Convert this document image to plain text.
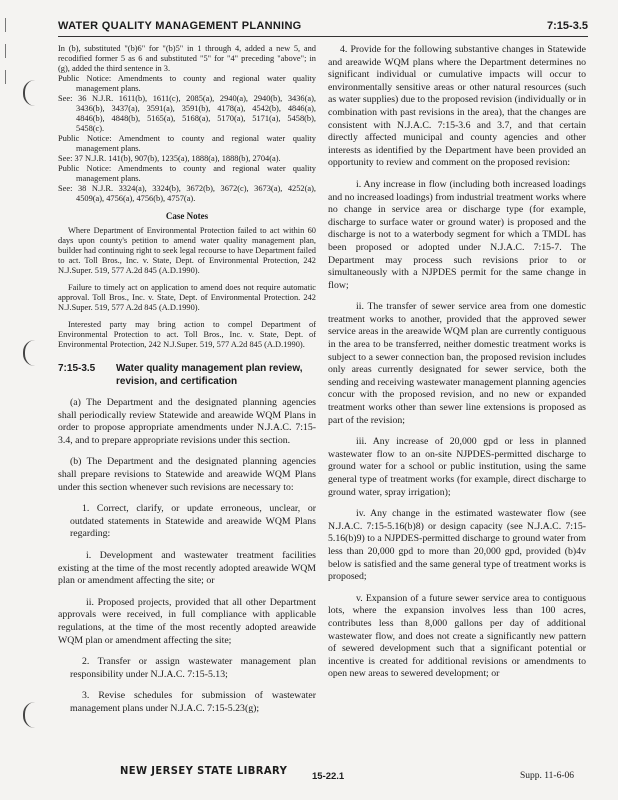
WATER QUALITY MANAGEMENT PLANNING	7:15-3.5

In (b), substituted "(b)6" for "(b)5" in 1 through 4, added a new 5, and recodified former 5 as 6 and substituted "5" for "4" preceding "above"; in (g), added the third sentence in 3.

Public Notice: Amendments to county and regional water quality management plans.

See: 36 N.J.R. 1611(b), 1611(c), 2085(a), 2940(a), 2940(b), 3436(a), 3436(b), 3437(a), 3591(a), 3591(b), 4178(a), 4542(b), 4846(a), 4846(b), 4848(b), 5165(a), 5168(a), 5170(a), 5171(a), 5458(b), 5458(c).

Public Notice: Amendment to county and regional water quality management plans.

See: 37 N.J.R. 141(b), 907(b), 1235(a), 1888(a), 1888(b), 2704(a).

Public Notice: Amendments to county and regional water quality management plans.

See: 38 N.J.R. 3324(a), 3324(b), 3672(b), 3672(c), 3673(a), 4252(a), 4509(a), 4756(a), 4756(b), 4757(a).

Case Notes

Where Department of Environmental Protection failed to act within 60 days upon county's petition to amend water quality management plan, builder had continuing right to seek legal recourse to have Department failed to act. Toll Bros., Inc. v. State, Dept. of Environmental Protection, 242 N.J.Super. 519, 577 A.2d 845 (A.D.1990).

Failure to timely act on application to amend does not require automatic approval. Toll Bros., Inc. v. State, Dept. of Environmental Protection. 242 N.J.Super. 519, 577 A.2d 845 (A.D.1990).

Interested party may bring action to compel Department of Environmental Protection to act. Toll Bros., Inc. v. State, Dept. of Environmental Protection, 242 N.J.Super. 519, 577 A.2d 845 (A.D.1990).

7:15-3.5 Water quality management plan review, revision, and certification

(a) The Department and the designated planning agencies shall periodically review Statewide and areawide WQM Plans in order to propose appropriate amendments under N.J.A.C. 7:15-3.4, and to prepare appropriate revisions under this section.

(b) The Department and the designated planning agencies shall prepare revisions to Statewide and areawide WQM Plans under this section whenever such revisions are necessary to:

1. Correct, clarify, or update erroneous, unclear, or outdated statements in Statewide and areawide WQM Plans regarding:

i. Development and wastewater treatment facilities existing at the time of the most recently adopted areawide WQM plan or amendment affecting the site; or

ii. Proposed projects, provided that all other Department approvals were received, in full compliance with applicable regulations, at the time of the most recently adopted areawide WQM plan or amendment affecting the site;

2. Transfer or assign wastewater management plan responsibility under N.J.A.C. 7:15-5.13;

3. Revise schedules for submission of wastewater management plans under N.J.A.C. 7:15-5.23(g);

4. Provide for the following substantive changes in Statewide and areawide WQM plans where the Department determines no significant individual or cumulative impacts will occur to environmentally sensitive areas or other natural resources (such as water supplies) due to the proposed revision (individually or in combination with past revisions in the area), that the changes are consistent with N.J.A.C. 7:15-3.6 and 3.7, and that certain directly affected municipal and county agencies and other interests as identified by the Department have been provided an opportunity to review and comment on the proposed revision:

i. Any increase in flow (including both increased loadings and no increased loadings) from industrial treatment works where no change in service area or discharge type (for example, discharge to surface water or ground water) is proposed and the discharge is not to a waterbody segment for which a TMDL has been proposed or adopted under N.J.A.C. 7:15-7. The Department may process such revisions prior to or simultaneously with a NJPDES permit for the same change in flow;

ii. The transfer of sewer service area from one domestic treatment works to another, provided that the approved sewer service areas in the areawide WQM plan are currently contiguous in the area to be transferred, neither domestic treatment works is subject to a sewer connection ban, the proposed revision includes only areas currently designated for sewer service, both the sending and receiving wastewater management planning agencies concur with the proposed revision, and no new or expanded treatment works other than sewer line extensions is proposed as part of the revision;

iii. Any increase of 20,000 gpd or less in planned wastewater flow to an on-site NJPDES-permitted discharge to ground water for a school or public institution, using the same general type of treatment works (for example, direct discharge to ground water, spray irrigation);

iv. Any change in the estimated wastewater flow (see N.J.A.C. 7:15-5.16(b)8) or design capacity (see N.J.A.C. 7:15-5.16(b)9) to a NJPDES-permitted discharge to ground water from less than 20,000 gpd to more than 20,000 gpd, provided (b)4v below is satisfied and the same general type of treatment works is proposed;

v. Expansion of a future sewer service area to contiguous lots, where the expansion involves less than 100 acres, contributes less than 8,000 gallons per day of additional wastewater flow, and does not create a significantly new pattern of sewered development such that a significant potential or incentive is created for additional revisions or amendments to open new areas to sewered development; or

NEW JERSEY STATE LIBRARY	15-22.1	Supp. 11-6-06
